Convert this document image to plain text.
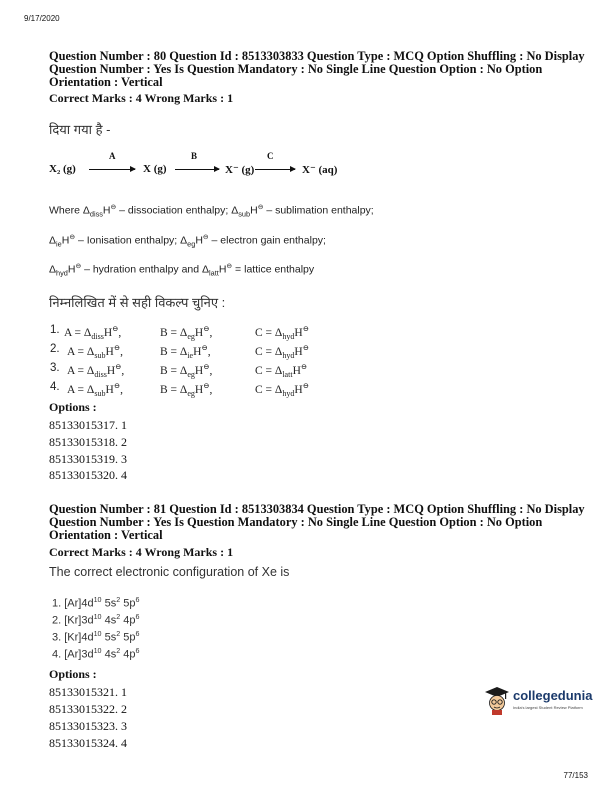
9/17/2020
Question Number : 80 Question Id : 8513303833 Question Type : MCQ Option Shuffling : No Display
Question Number : Yes Is Question Mandatory : No Single Line Question Option : No Option
Orientation : Vertical
Correct Marks : 4 Wrong Marks : 1
दिया गया है -
X₂ (g)
A
X (g)
B
X⁻ (g)
C
X⁻ (aq)
Where $\Delta_{diss}H^⊖$ – dissociation enthalpy; $\Delta_{sub}H^⊖$ – sublimation enthalpy;
$\Delta_{ie}H^⊖$ – Ionisation enthalpy; $\Delta_{eg}H^⊖$ – electron gain enthalpy;
$\Delta_{hyd}H^⊖$ – hydration enthalpy and $\Delta_{latt}H^⊖$ = lattice enthalpy
निम्नलिखित में से सही विकल्प चुनिए :
1. $A = \Delta_{diss}H^⊖$,	$B = \Delta_{eg}H^⊖$,	$C = \Delta_{hyd}H^⊖$
2. $A = \Delta_{sub}H^⊖$,	$B = \Delta_{ie}H^⊖$,	$C = \Delta_{hyd}H^⊖$
3. $A = \Delta_{diss}H^⊖$,	$B = \Delta_{eg}H^⊖$,	$C = \Delta_{latt}H^⊖$
4. $A = \Delta_{sub}H^⊖$,	$B = \Delta_{eg}H^⊖$,	$C = \Delta_{hyd}H^⊖$
Options :
85133015317. 1
85133015318. 2
85133015319. 3
85133015320. 4
Question Number : 81 Question Id : 8513303834 Question Type : MCQ Option Shuffling : No Display
Question Number : Yes Is Question Mandatory : No Single Line Question Option : No Option
Orientation : Vertical
Correct Marks : 4 Wrong Marks : 1
The correct electronic configuration of Xe is
1. $[Ar]4d^{10}$ $5s^2$ $5p^6$
2. $[Kr]3d^{10}$ $4s^2$ $4p^6$
3. $[Kr]4d^{10}$ $5s^2$ $5p^6$
4. $[Ar]3d^{10}$ $4s^2$ $4p^6$
Options :
85133015321. 1
85133015322. 2
85133015323. 3
85133015324. 4
collegedunia
India's largest Student Review Platform
77/153
